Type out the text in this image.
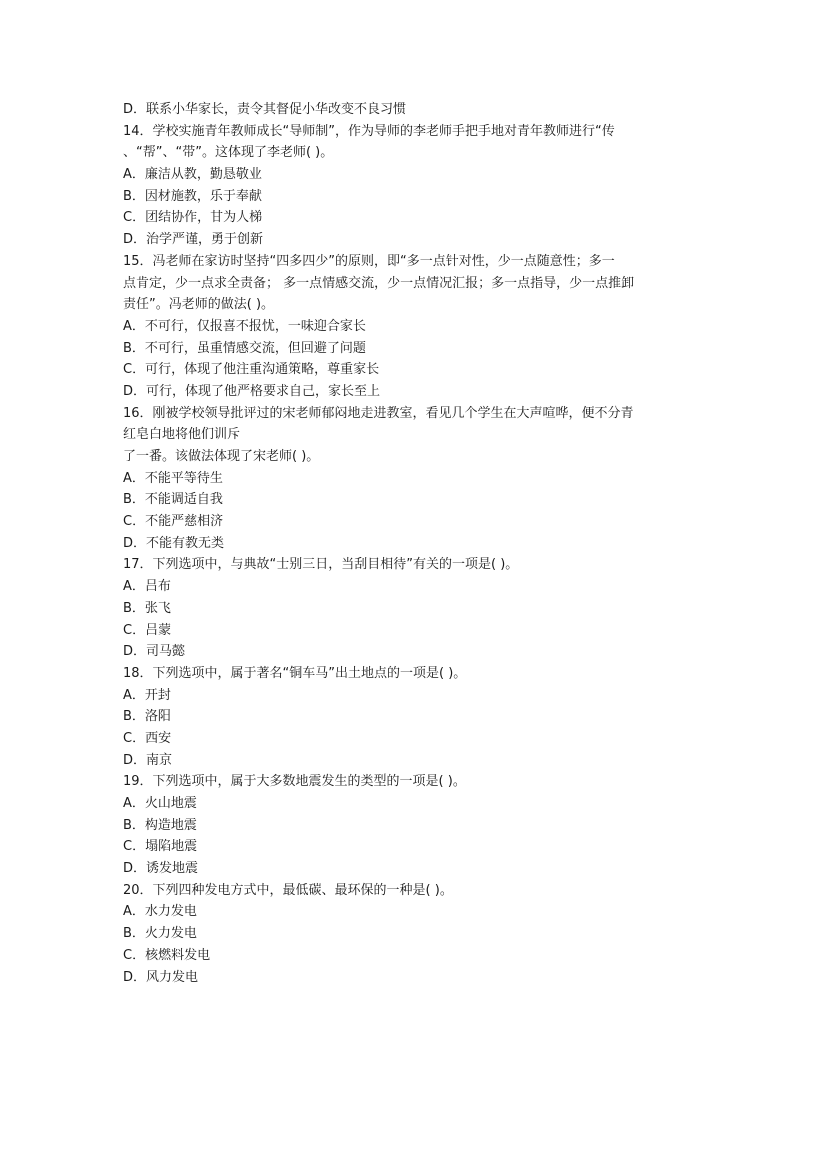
D．联系小华家长，责令其督促小华改变不良习惯
14．学校实施青年教师成长“导师制”，作为导师的李老师手把手地对青年教师进行“传
、“帮”、“带”。这体现了李老师( )。
A．廉洁从教，勤恳敬业
B．因材施教，乐于奉献
C．团结协作，甘为人梯
D．治学严谨，勇于创新
15．冯老师在家访时坚持“四多四少”的原则，即“多一点针对性，少一点随意性；多一
点肯定，少一点求全责备； 多一点情感交流，少一点情况汇报；多一点指导，少一点推卸
责任”。冯老师的做法( )。
A．不可行，仅报喜不报忧，一味迎合家长
B．不可行，虽重情感交流，但回避了问题
C．可行，体现了他注重沟通策略，尊重家长
D．可行，体现了他严格要求自己，家长至上
16．刚被学校领导批评过的宋老师郁闷地走进教室，看见几个学生在大声喧哗，便不分青
红皂白地将他们训斥
了一番。该做法体现了宋老师( )。
A．不能平等待生
B．不能调适自我
C．不能严慈相济
D．不能有教无类
17．下列选项中，与典故“士别三日，当刮目相待”有关的一项是( )。
A．吕布
B．张飞
C．吕蒙
D．司马懿
18．下列选项中，属于著名“铜车马”出土地点的一项是( )。
A．开封
B．洛阳
C．西安
D．南京
19．下列选项中，属于大多数地震发生的类型的一项是( )。
A．火山地震
B．构造地震
C．塌陷地震
D．诱发地震
20．下列四种发电方式中，最低碳、最环保的一种是( )。
A．水力发电
B．火力发电
C．核燃料发电
D．风力发电
